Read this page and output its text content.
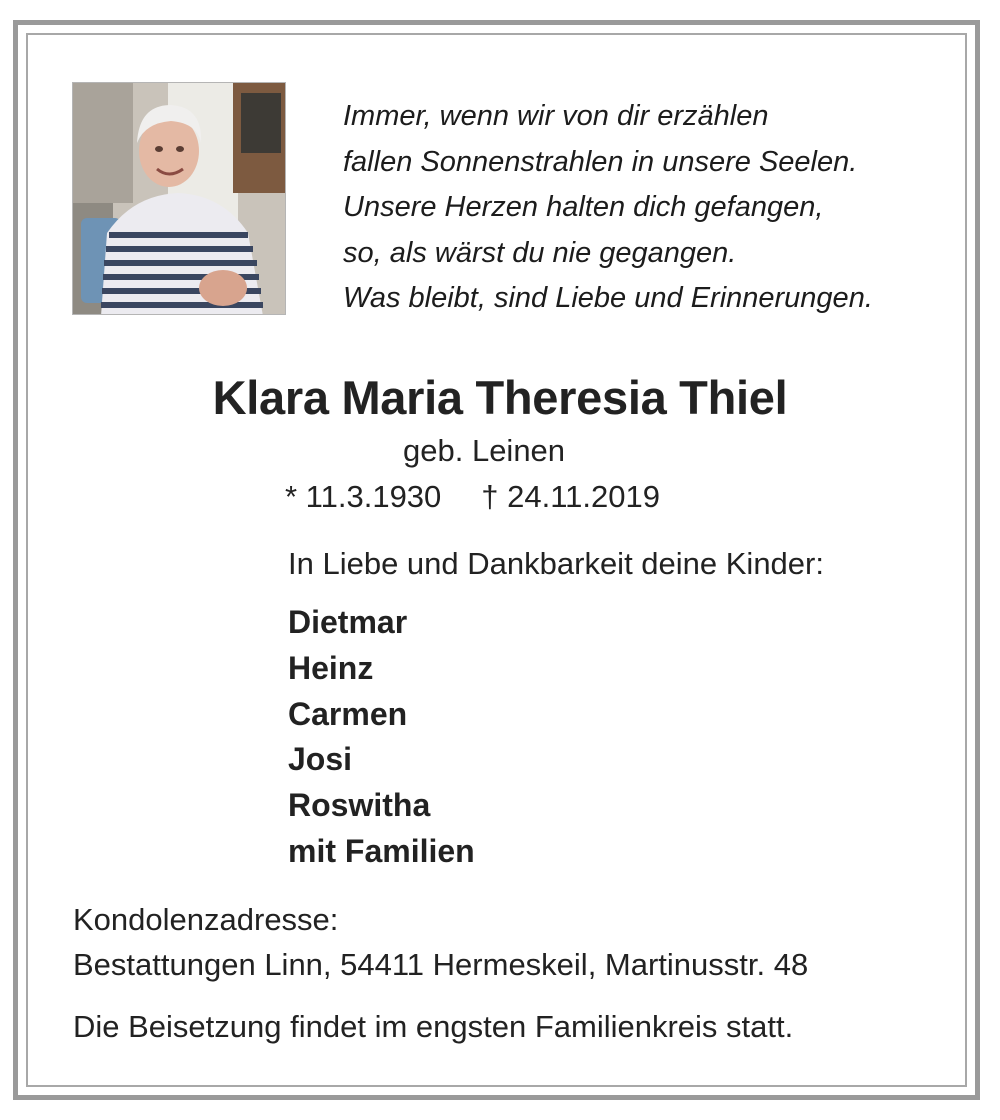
Immer, wenn wir von dir erzählen
fallen Sonnenstrahlen in unsere Seelen.
Unsere Herzen halten dich gefangen,
so, als wärst du nie gegangen.
Was bleibt, sind Liebe und Erinnerungen.
Klara Maria Theresia Thiel
geb. Leinen
* 11.3.1930 † 24.11.2019
In Liebe und Dankbarkeit deine Kinder:
Dietmar
Heinz
Carmen
Josi
Roswitha
mit Familien
Kondolenzadresse:
Bestattungen Linn, 54411 Hermeskeil, Martinusstr. 48
Die Beisetzung findet im engsten Familienkreis statt.
